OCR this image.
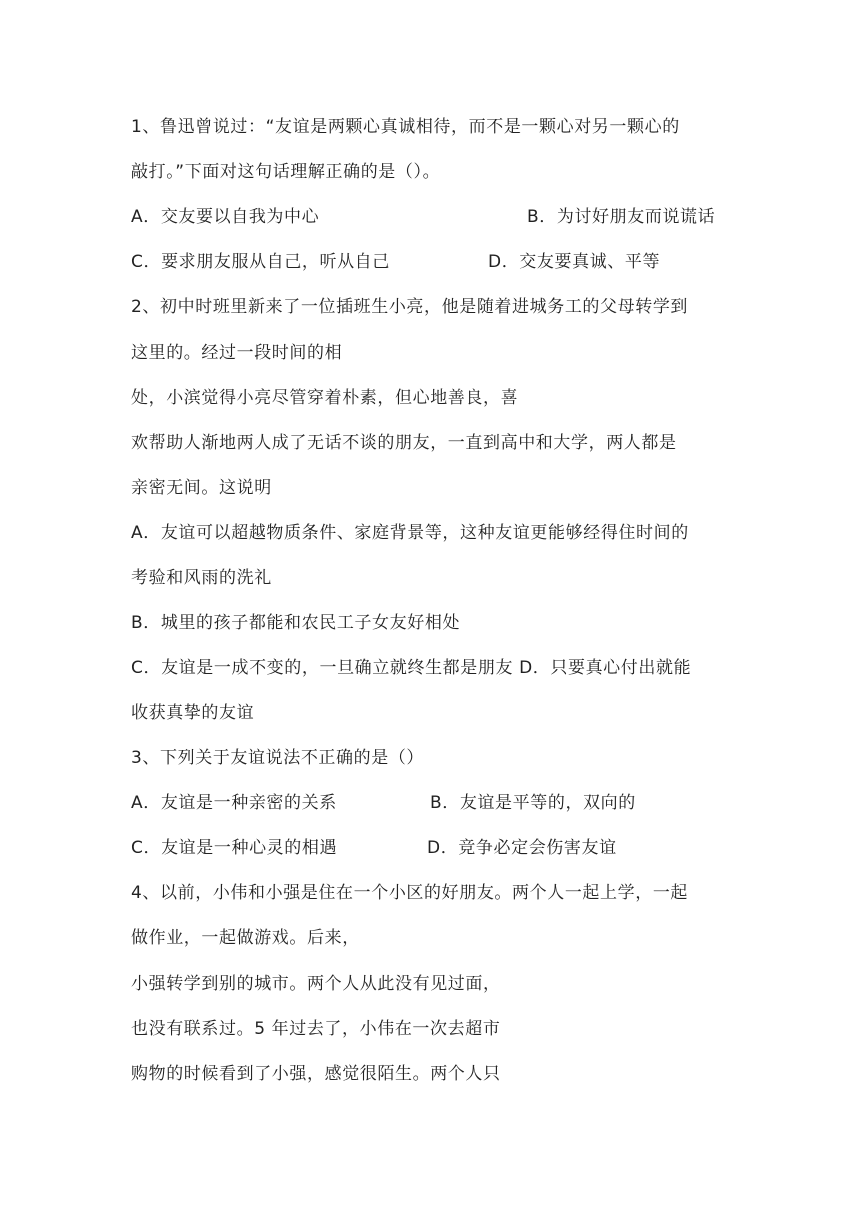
1、鲁迅曾说过：“友谊是两颗心真诚相待，而不是一颗心对另一颗心的
敲打。”下面对这句话理解正确的是（）。
A．交友要以自我为中心	B．为讨好朋友而说谎话
C．要求朋友服从自己，听从自己	D．交友要真诚、平等
2、初中时班里新来了一位插班生小亮，他是随着进城务工的父母转学到
这里的。经过一段时间的相
处，小滨觉得小亮尽管穿着朴素，但心地善良，喜
欢帮助人渐地两人成了无话不谈的朋友，一直到高中和大学，两人都是
亲密无间。这说明
A．友谊可以超越物质条件、家庭背景等，这种友谊更能够经得住时间的
考验和风雨的洗礼
B．城里的孩子都能和农民工子女友好相处
C．友谊是一成不变的，一旦确立就终生都是朋友 D．只要真心付出就能
收获真挚的友谊
3、下列关于友谊说法不正确的是（）
A．友谊是一种亲密的关系	B．友谊是平等的，双向的
C．友谊是一种心灵的相遇	D．竞争必定会伤害友谊
4、以前，小伟和小强是住在一个小区的好朋友。两个人一起上学，一起
做作业，一起做游戏。后来，
小强转学到别的城市。两个人从此没有见过面，
也没有联系过。5 年过去了，小伟在一次去超市
购物的时候看到了小强，感觉很陌生。两个人只
